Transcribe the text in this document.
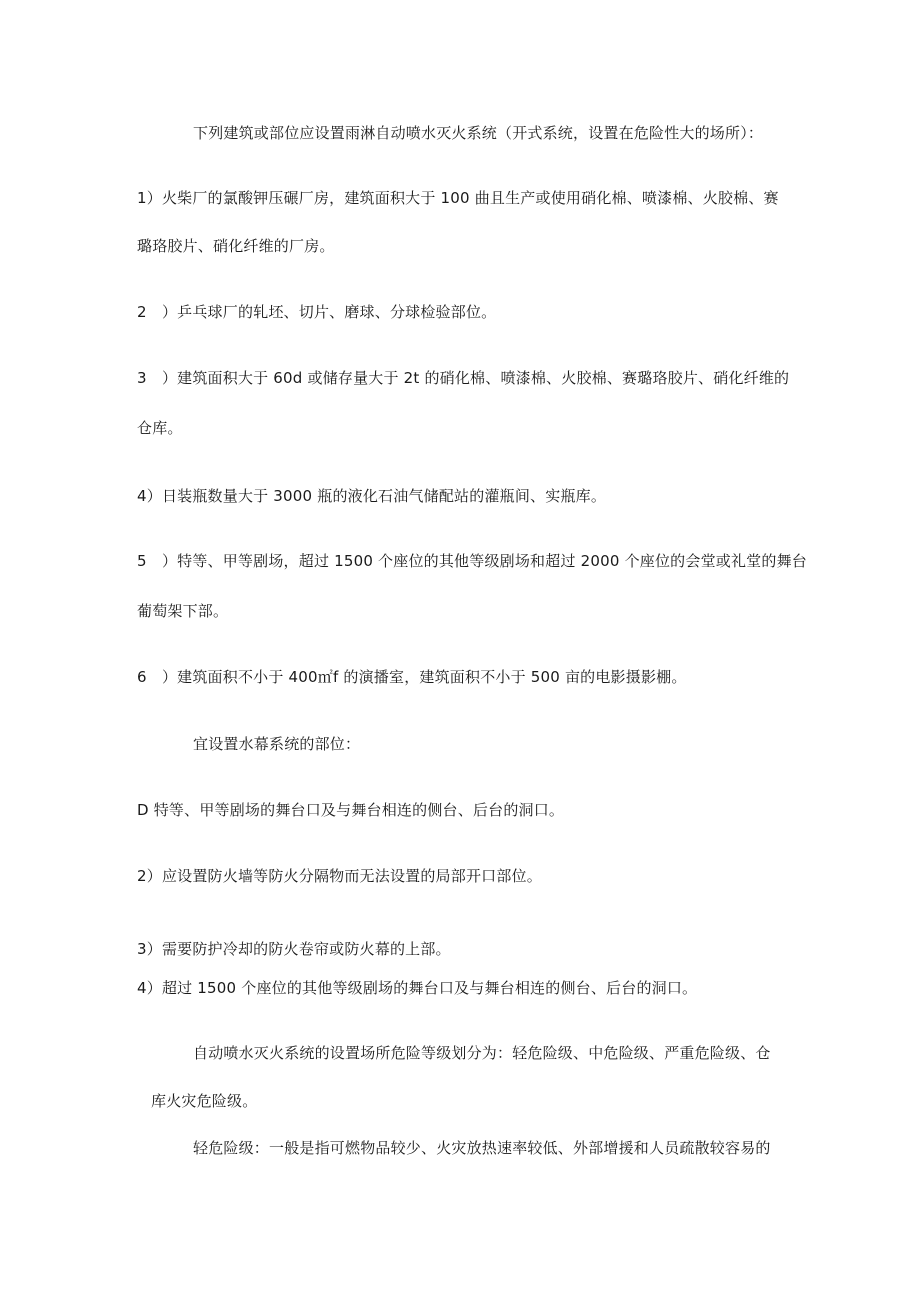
下列建筑或部位应设置雨淋自动喷水灭火系统（开式系统，设置在危险性大的场所）：
1）火柴厂的氯酸钾压碾厂房，建筑面积大于 100 曲且生产或使用硝化棉、喷漆棉、火胶棉、赛
璐珞胶片、硝化纤维的厂房。
2　）乒乓球厂的轧坯、切片、磨球、分球检验部位。
3　）建筑面积大于 60d 或储存量大于 2t 的硝化棉、喷漆棉、火胶棉、赛璐珞胶片、硝化纤维的
仓库。
4）日装瓶数量大于 3000 瓶的液化石油气储配站的灌瓶间、实瓶库。
5　）特等、甲等剧场，超过 1500 个座位的其他等级剧场和超过 2000 个座位的会堂或礼堂的舞台
葡萄架下部。
6　）建筑面积不小于 400㎡f 的演播室，建筑面积不小于 500 亩的电影摄影棚。
宜设置水幕系统的部位：
D 特等、甲等剧场的舞台口及与舞台相连的侧台、后台的洞口。
2）应设置防火墙等防火分隔物而无法设置的局部开口部位。
3）需要防护冷却的防火卷帘或防火幕的上部。
4）超过 1500 个座位的其他等级剧场的舞台口及与舞台相连的侧台、后台的洞口。
自动喷水灭火系统的设置场所危险等级划分为：轻危险级、中危险级、严重危险级、仓
库火灾危险级。
轻危险级：一般是指可燃物品较少、火灾放热速率较低、外部增援和人员疏散较容易的
